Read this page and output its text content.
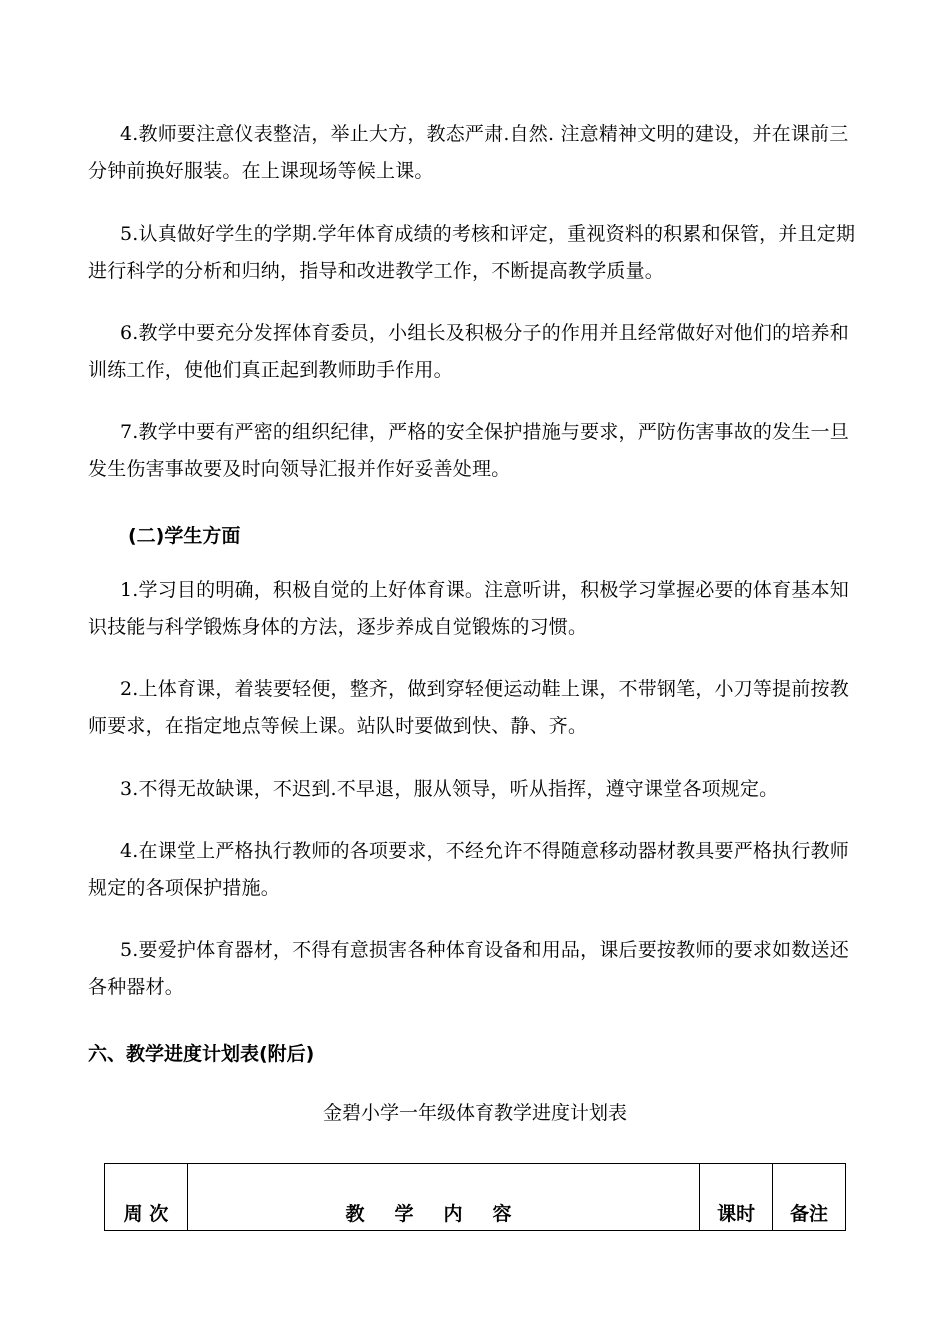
4.教师要注意仪表整洁，举止大方，教态严肃.自然. 注意精神文明的建设，并在课前三分钟前换好服装。在上课现场等候上课。

5.认真做好学生的学期.学年体育成绩的考核和评定，重视资料的积累和保管，并且定期进行科学的分析和归纳，指导和改进教学工作，不断提高教学质量。

6.教学中要充分发挥体育委员，小组长及积极分子的作用并且经常做好对他们的培养和训练工作，使他们真正起到教师助手作用。

7.教学中要有严密的组织纪律，严格的安全保护措施与要求，严防伤害事故的发生一旦发生伤害事故要及时向领导汇报并作好妥善处理。

(二)学生方面

1.学习目的明确，积极自觉的上好体育课。注意听讲，积极学习掌握必要的体育基本知识技能与科学锻炼身体的方法，逐步养成自觉锻炼的习惯。

2.上体育课，着装要轻便，整齐，做到穿轻便运动鞋上课，不带钢笔，小刀等提前按教师要求，在指定地点等候上课。站队时要做到快、静、齐。

3.不得无故缺课，不迟到.不早退，服从领导，听从指挥，遵守课堂各项规定。

4.在课堂上严格执行教师的各项要求，不经允许不得随意移动器材教具要严格执行教师规定的各项保护措施。

5.要爱护体育器材，不得有意损害各种体育设备和用品，课后要按教师的要求如数送还各种器材。

六、教学进度计划表(附后)

金碧小学一年级体育教学进度计划表

周 次	教学内容	课时	备注
